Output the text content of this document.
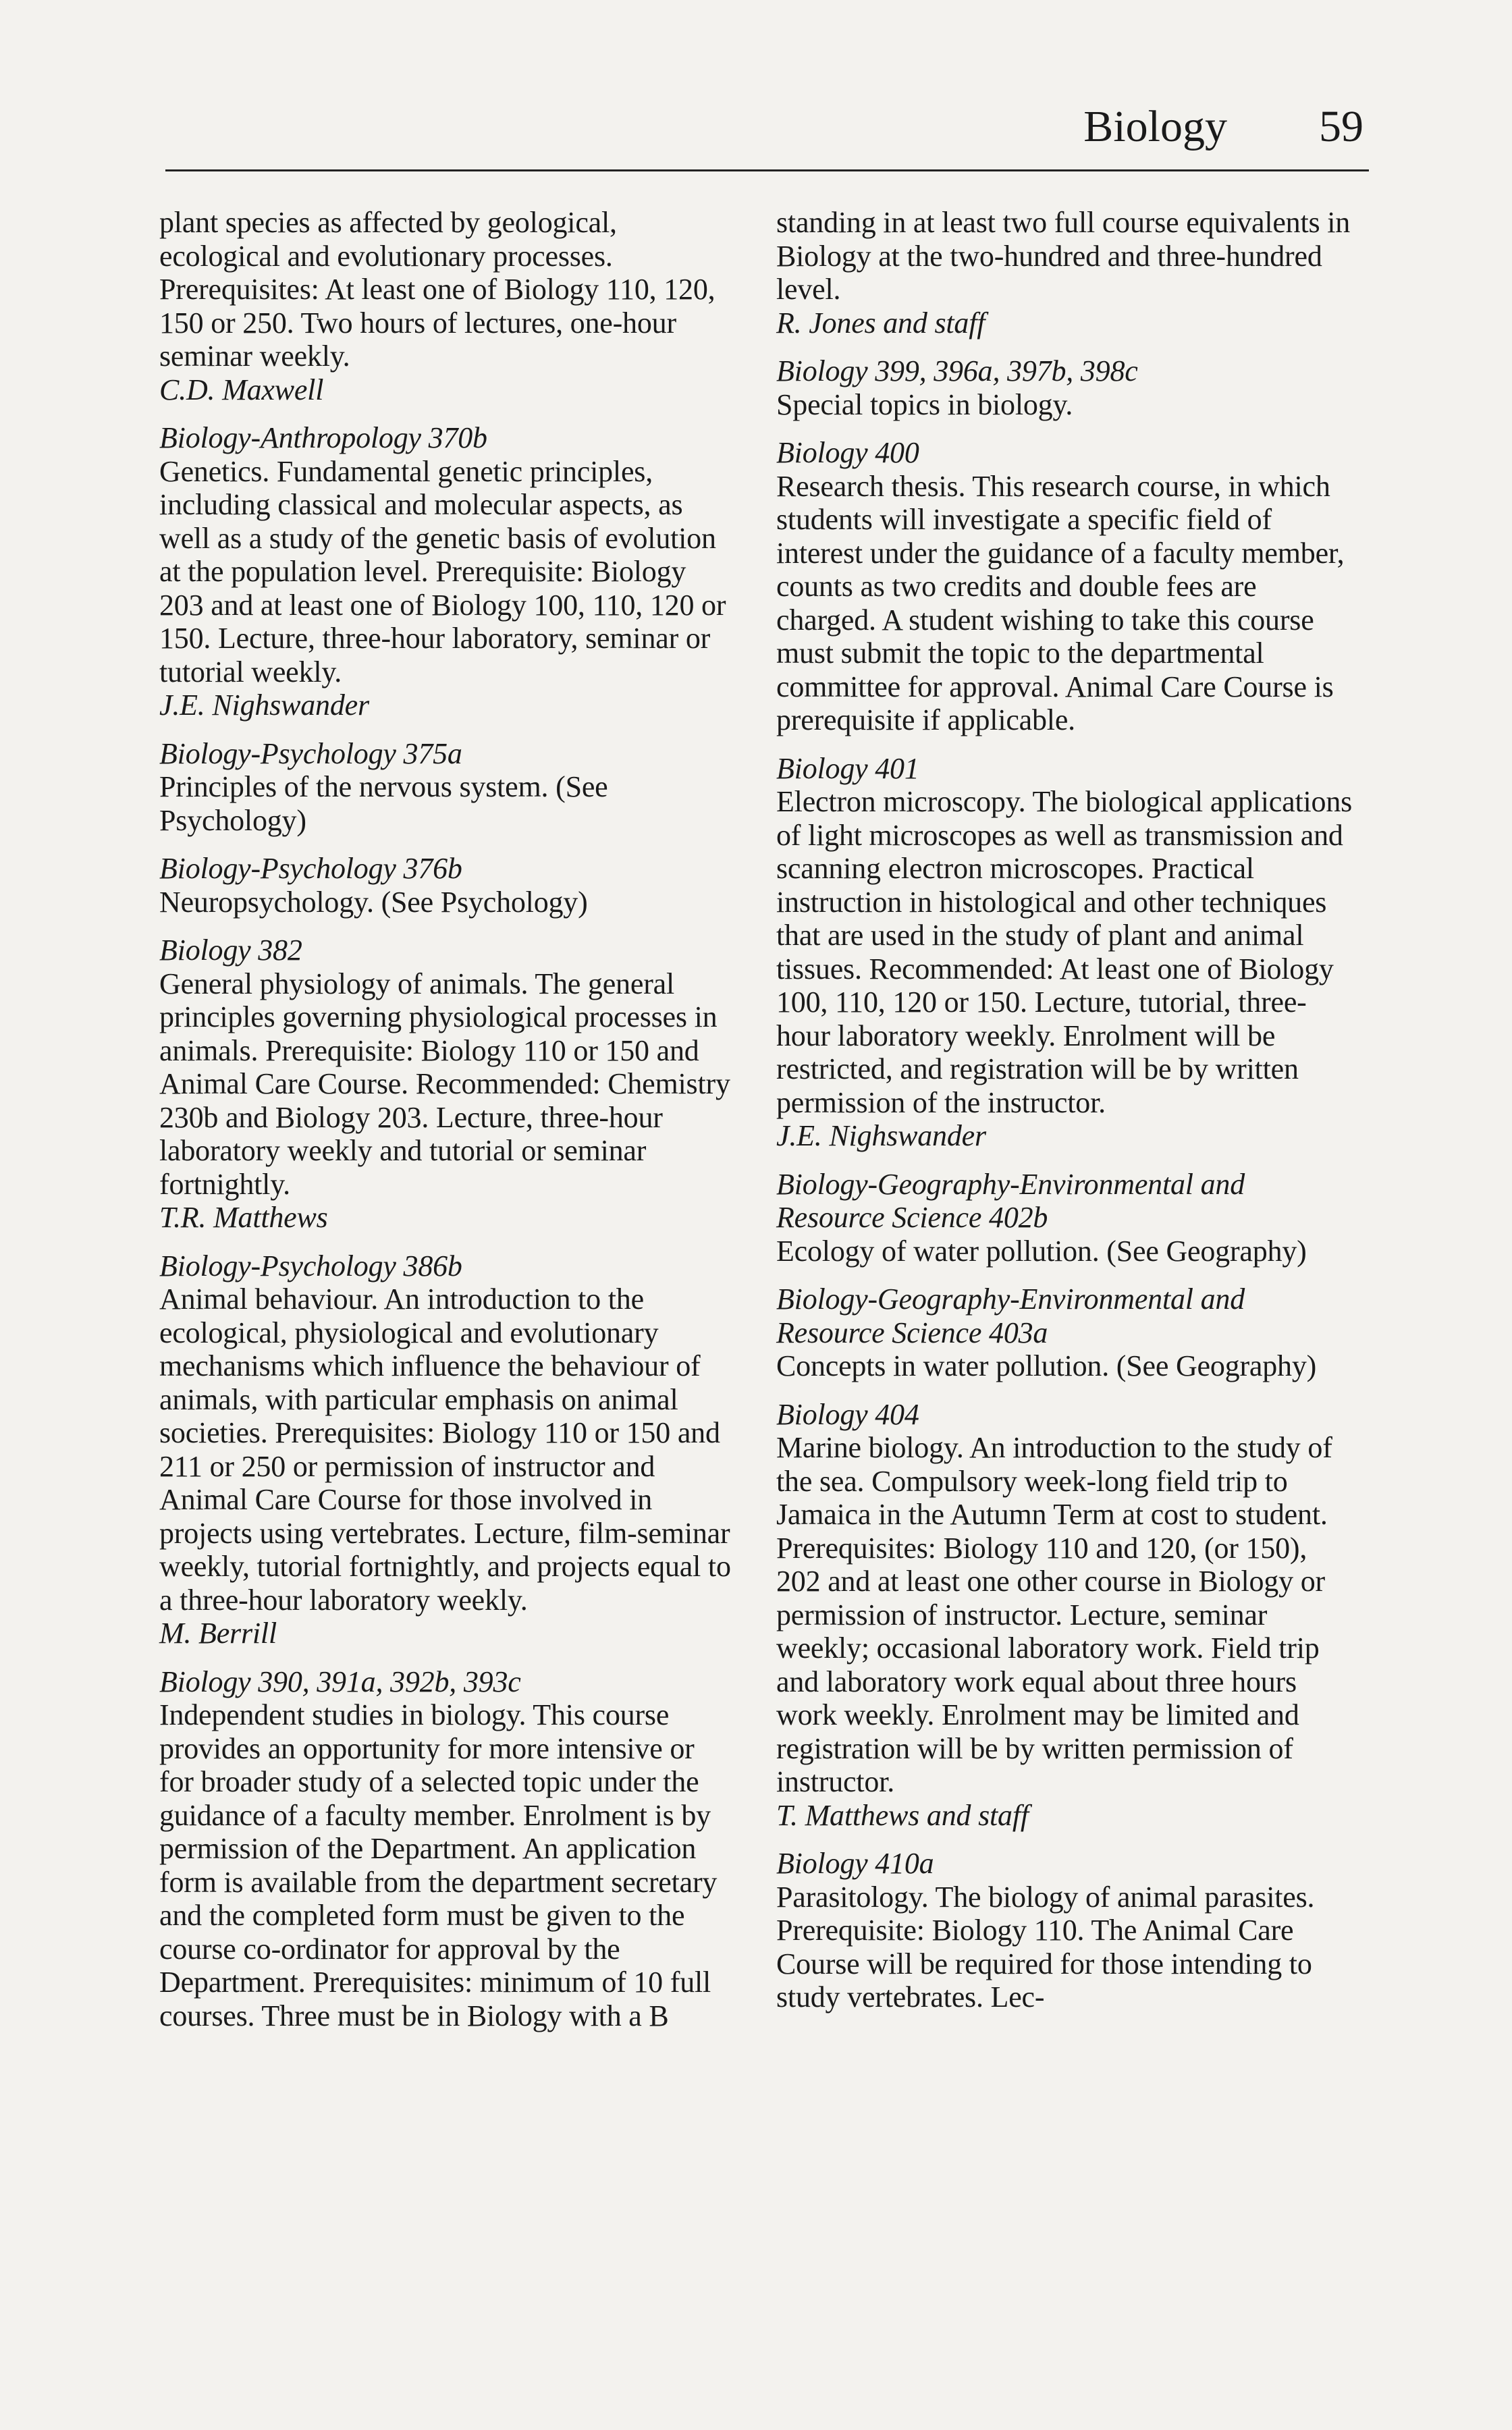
Biology 59
plant species as affected by geological, ecological and evolutionary processes. Prerequisites: At least one of Biology 110, 120, 150 or 250. Two hours of lectures, one-hour seminar weekly.
C.D. Maxwell
Biology-Anthropology 370b
Genetics. Fundamental genetic principles, including classical and molecular aspects, as well as a study of the genetic basis of evolution at the population level. Prerequisite: Biology 203 and at least one of Biology 100, 110, 120 or 150. Lecture, three-hour laboratory, seminar or tutorial weekly.
J.E. Nighswander
Biology-Psychology 375a
Principles of the nervous system. (See Psychology)
Biology-Psychology 376b
Neuropsychology. (See Psychology)
Biology 382
General physiology of animals. The general principles governing physiological processes in animals. Prerequisite: Biology 110 or 150 and Animal Care Course. Recommended: Chemistry 230b and Biology 203. Lecture, three-hour laboratory weekly and tutorial or seminar fortnightly.
T.R. Matthews
Biology-Psychology 386b
Animal behaviour. An introduction to the ecological, physiological and evolutionary mechanisms which influence the behaviour of animals, with particular emphasis on animal societies. Prerequisites: Biology 110 or 150 and 211 or 250 or permission of instructor and Animal Care Course for those involved in projects using vertebrates. Lecture, film-seminar weekly, tutorial fortnightly, and projects equal to a three-hour laboratory weekly.
M. Berrill
Biology 390, 391a, 392b, 393c
Independent studies in biology. This course provides an opportunity for more intensive or for broader study of a selected topic under the guidance of a faculty member. Enrolment is by permission of the Department. An application form is available from the department secretary and the completed form must be given to the course co-ordinator for approval by the Department. Prerequisites: minimum of 10 full courses. Three must be in Biology with a B
standing in at least two full course equivalents in Biology at the two-hundred and three-hundred level.
R. Jones and staff
Biology 399, 396a, 397b, 398c
Special topics in biology.
Biology 400
Research thesis. This research course, in which students will investigate a specific field of interest under the guidance of a faculty member, counts as two credits and double fees are charged. A student wishing to take this course must submit the topic to the departmental committee for approval. Animal Care Course is prerequisite if applicable.
Biology 401
Electron microscopy. The biological applications of light microscopes as well as transmission and scanning electron microscopes. Practical instruction in histological and other techniques that are used in the study of plant and animal tissues. Recommended: At least one of Biology 100, 110, 120 or 150. Lecture, tutorial, three-hour laboratory weekly. Enrolment will be restricted, and registration will be by written permission of the instructor.
J.E. Nighswander
Biology-Geography-Environmental and Resource Science 402b
Ecology of water pollution. (See Geography)
Biology-Geography-Environmental and Resource Science 403a
Concepts in water pollution. (See Geography)
Biology 404
Marine biology. An introduction to the study of the sea. Compulsory week-long field trip to Jamaica in the Autumn Term at cost to student. Prerequisites: Biology 110 and 120, (or 150), 202 and at least one other course in Biology or permission of instructor. Lecture, seminar weekly; occasional laboratory work. Field trip and laboratory work equal about three hours work weekly. Enrolment may be limited and registration will be by written permission of instructor.
T. Matthews and staff
Biology 410a
Parasitology. The biology of animal parasites. Prerequisite: Biology 110. The Animal Care Course will be required for those intending to study vertebrates. Lec-
